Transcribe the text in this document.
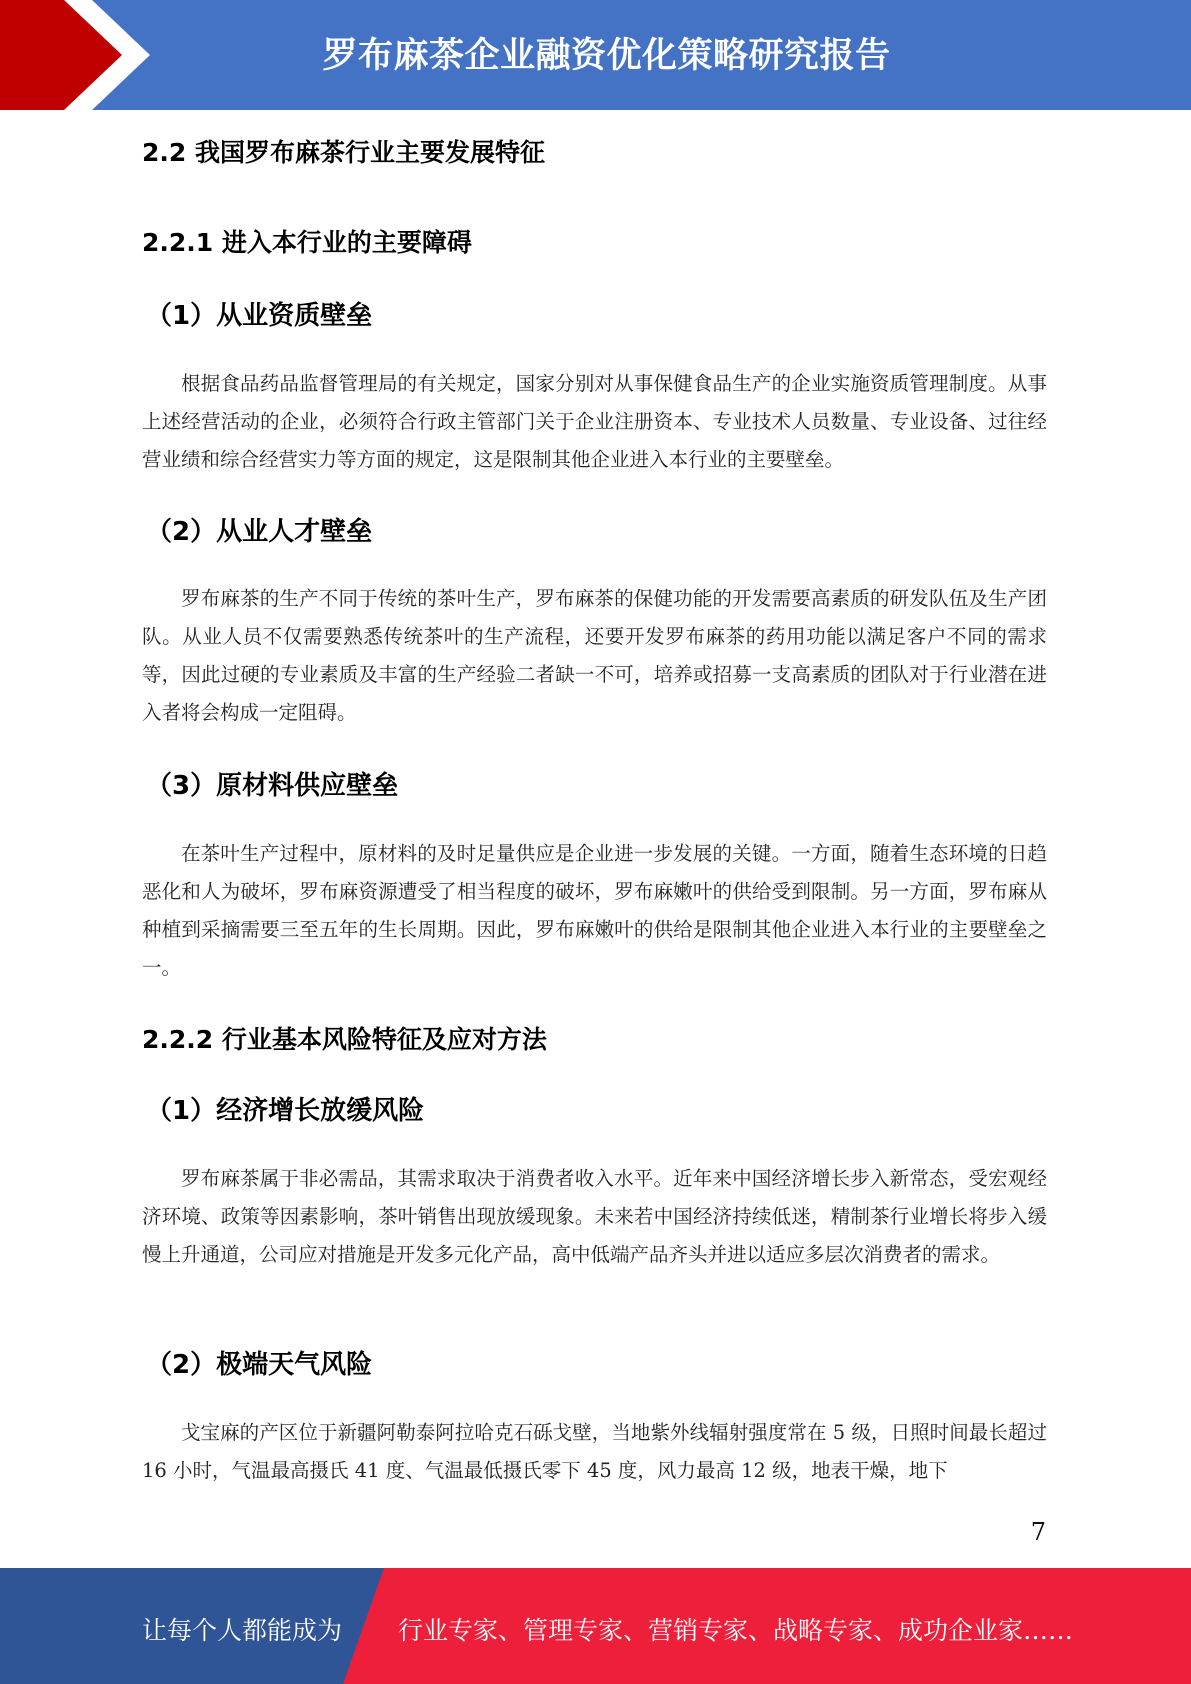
罗布麻茶企业融资优化策略研究报告
2.2 我国罗布麻茶行业主要发展特征
2.2.1 进入本行业的主要障碍
（1）从业资质壁垒

根据食品药品监督管理局的有关规定，国家分别对从事保健食品生产的企业实施资质管理制度。从事上述经营活动的企业，必须符合行政主管部门关于企业注册资本、专业技术人员数量、专业设备、过往经营业绩和综合经营实力等方面的规定，这是限制其他企业进入本行业的主要壁垒。

（2）从业人才壁垒

罗布麻茶的生产不同于传统的茶叶生产，罗布麻茶的保健功能的开发需要高素质的研发队伍及生产团队。从业人员不仅需要熟悉传统茶叶的生产流程，还要开发罗布麻茶的药用功能以满足客户不同的需求等，因此过硬的专业素质及丰富的生产经验二者缺一不可，培养或招募一支高素质的团队对于行业潜在进入者将会构成一定阻碍。

（3）原材料供应壁垒

在茶叶生产过程中，原材料的及时足量供应是企业进一步发展的关键。一方面，随着生态环境的日趋恶化和人为破坏，罗布麻资源遭受了相当程度的破坏，罗布麻嫩叶的供给受到限制。另一方面，罗布麻从种植到采摘需要三至五年的生长周期。因此，罗布麻嫩叶的供给是限制其他企业进入本行业的主要壁垒之一。

2.2.2 行业基本风险特征及应对方法
（1）经济增长放缓风险

罗布麻茶属于非必需品，其需求取决于消费者收入水平。近年来中国经济增长步入新常态，受宏观经济环境、政策等因素影响，茶叶销售出现放缓现象。未来若中国经济持续低迷，精制茶行业增长将步入缓慢上升通道，公司应对措施是开发多元化产品，高中低端产品齐头并进以适应多层次消费者的需求。

（2）极端天气风险

戈宝麻的产区位于新疆阿勒泰阿拉哈克石砾戈壁，当地紫外线辐射强度常在 5 级，日照时间最长超过 16 小时，气温最高摄氏 41 度、气温最低摄氏零下 45 度，风力最高 12 级，地表干燥，地下

7
让每个人都能成为 行业专家、管理专家、营销专家、战略专家、成功企业家……
